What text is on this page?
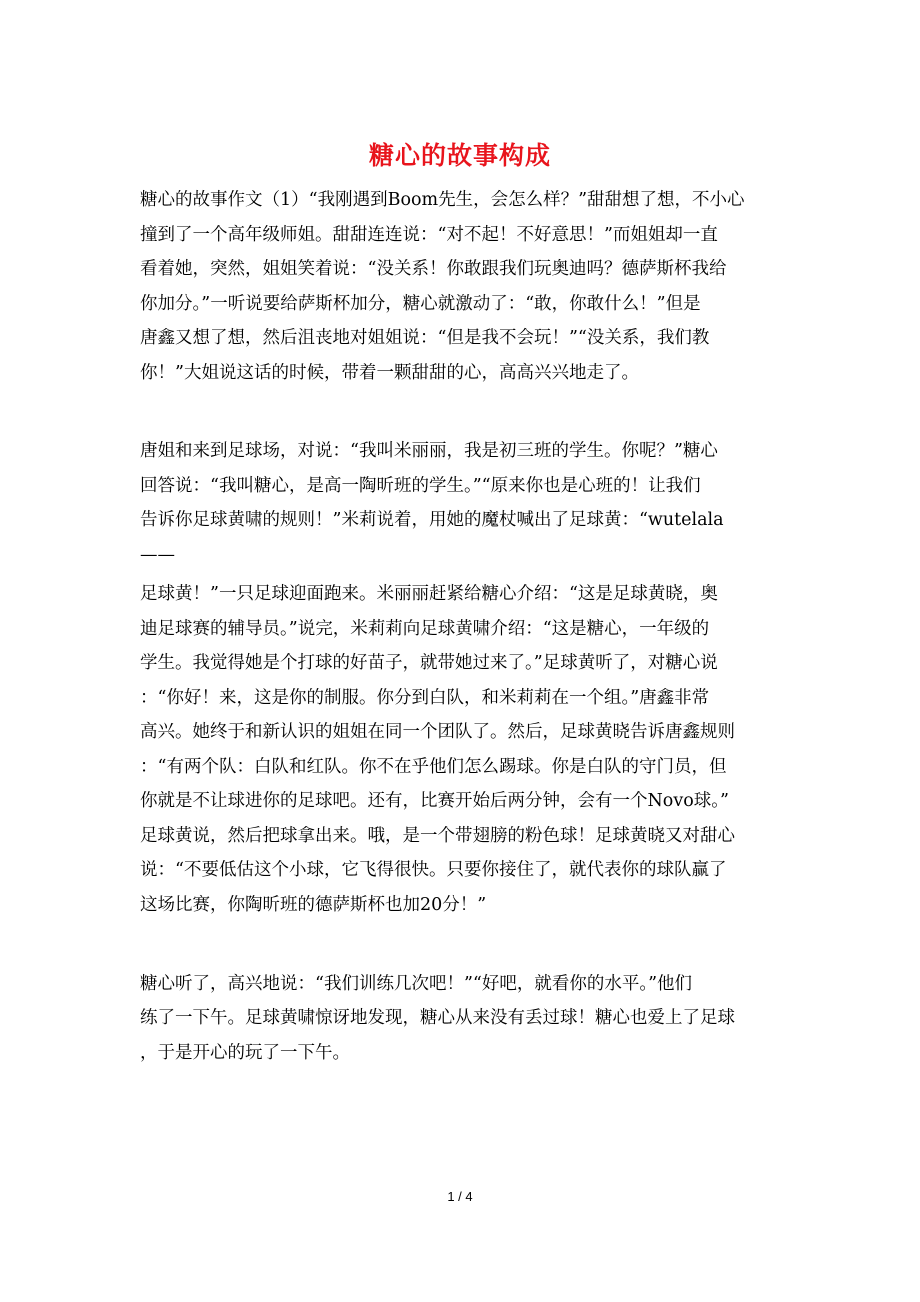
糖心的故事构成

糖心的故事作文（1）“我刚遇到Boom先生，会怎么样？”甜甜想了想，不小心

撞到了一个高年级师姐。甜甜连连说：“对不起！不好意思！”而姐姐却一直

看着她，突然，姐姐笑着说：“没关系！你敢跟我们玩奥迪吗？德萨斯杯我给

你加分。”一听说要给萨斯杯加分，糖心就激动了：“敢，你敢什么！”但是

唐鑫又想了想，然后沮丧地对姐姐说：“但是我不会玩！”“没关系，我们教

你！”大姐说这话的时候，带着一颗甜甜的心，高高兴兴地走了。

唐姐和来到足球场，对说：“我叫米丽丽，我是初三班的学生。你呢？”糖心

回答说：“我叫糖心，是高一陶昕班的学生。”“原来你也是心班的！让我们

告诉你足球黄啸的规则！”米莉说着，用她的魔杖喊出了足球黄：“wutelala

——

足球黄！”一只足球迎面跑来。米丽丽赶紧给糖心介绍：“这是足球黄晓，奥

迪足球赛的辅导员。”说完，米莉莉向足球黄啸介绍：“这是糖心，一年级的

学生。我觉得她是个打球的好苗子，就带她过来了。”足球黄听了，对糖心说

：“你好！来，这是你的制服。你分到白队，和米莉莉在一个组。”唐鑫非常

高兴。她终于和新认识的姐姐在同一个团队了。然后，足球黄晓告诉唐鑫规则

：“有两个队：白队和红队。你不在乎他们怎么踢球。你是白队的守门员，但

你就是不让球进你的足球吧。还有，比赛开始后两分钟，会有一个Novo球。”

足球黄说，然后把球拿出来。哦，是一个带翅膀的粉色球！足球黄晓又对甜心

说：“不要低估这个小球，它飞得很快。只要你接住了，就代表你的球队赢了

这场比赛，你陶昕班的德萨斯杯也加20分！”

糖心听了，高兴地说：“我们训练几次吧！”“好吧，就看你的水平。”他们

练了一下午。足球黄啸惊讶地发现，糖心从来没有丢过球！糖心也爱上了足球

，于是开心的玩了一下午。

1 / 4
